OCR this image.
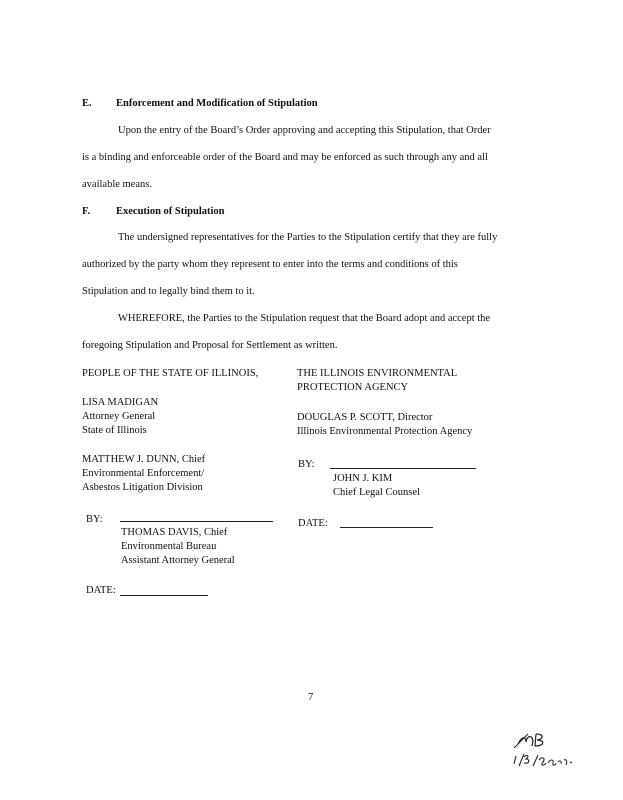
E. Enforcement and Modification of Stipulation
Upon the entry of the Board’s Order approving and accepting this Stipulation, that Order
is a binding and enforceable order of the Board and may be enforced as such through any and all
available means.
F. Execution of Stipulation
The undersigned representatives for the Parties to the Stipulation certify that they are fully
authorized by the party whom they represent to enter into the terms and conditions of this
Stipulation and to legally bind them to it.
WHEREFORE, the Parties to the Stipulation request that the Board adopt and accept the
foregoing Stipulation and Proposal for Settlement as written.
PEOPLE OF THE STATE OF ILLINOIS,
LISA MADIGAN
Attorney General
State of Illinois
MATTHEW J. DUNN, Chief
Environmental Enforcement/
Asbestos Litigation Division
BY:
THOMAS DAVIS, Chief
Environmental Bureau
Assistant Attorney General
DATE:
THE ILLINOIS ENVIRONMENTAL
PROTECTION AGENCY
DOUGLAS P. SCOTT, Director
Illinois Environmental Protection Agency
BY:
JOHN J. KIM
Chief Legal Counsel
DATE:
7
